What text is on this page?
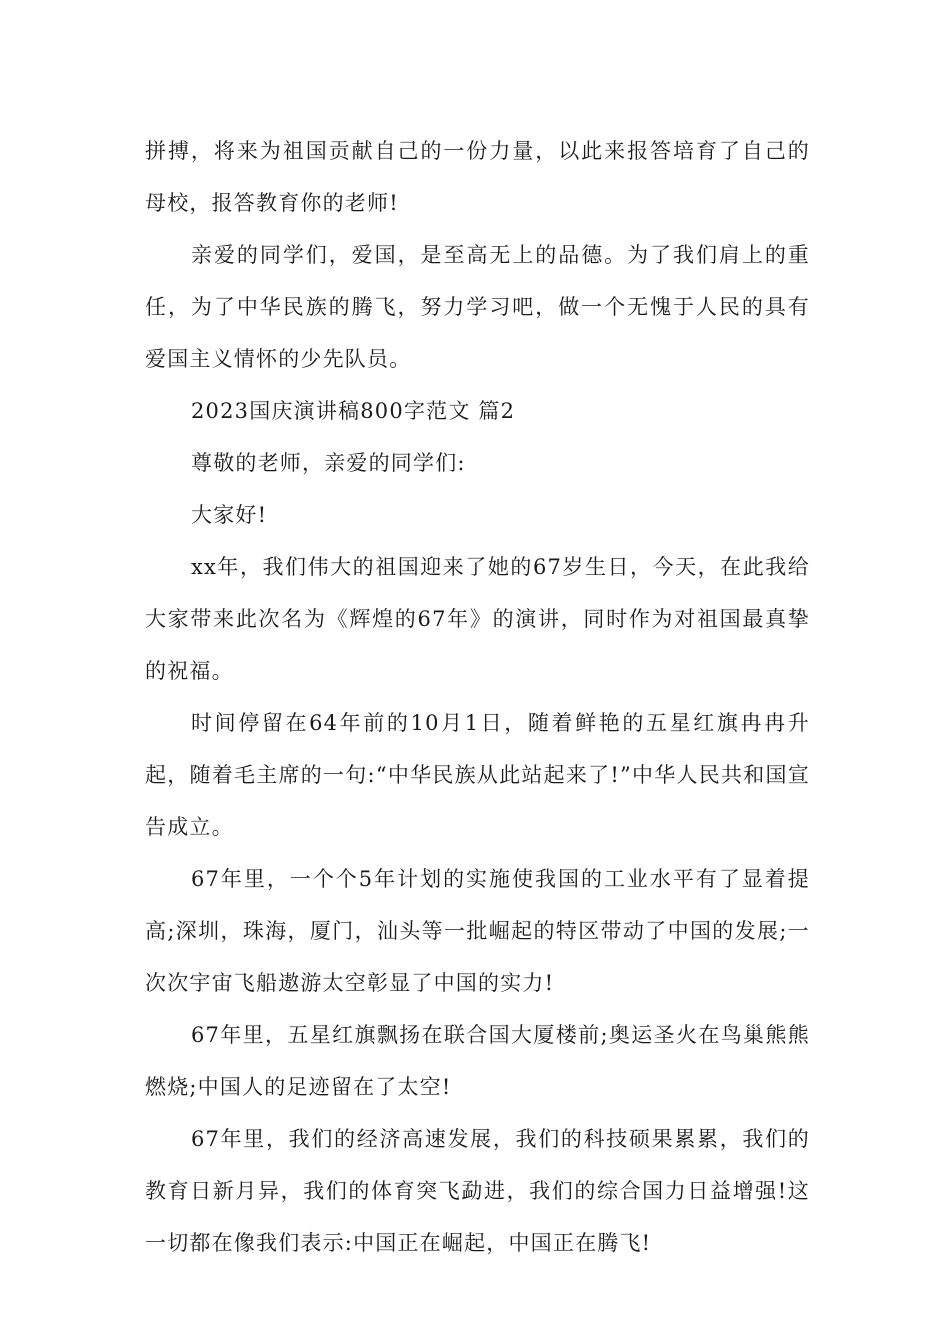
拼搏，将来为祖国贡献自己的一份力量，以此来报答培育了自己的母校，报答教育你的老师!

亲爱的同学们，爱国，是至高无上的品德。为了我们肩上的重任，为了中华民族的腾飞，努力学习吧，做一个无愧于人民的具有爱国主义情怀的少先队员。

2023国庆演讲稿800字范文 篇2

尊敬的老师，亲爱的同学们:

大家好!

xx年，我们伟大的祖国迎来了她的67岁生日，今天，在此我给大家带来此次名为《辉煌的67年》的演讲，同时作为对祖国最真挚的祝福。

时间停留在64年前的10月1日，随着鲜艳的五星红旗冉冉升起，随着毛主席的一句:“中华民族从此站起来了!”中华人民共和国宣告成立。

67年里，一个个5年计划的实施使我国的工业水平有了显着提高;深圳，珠海，厦门，汕头等一批崛起的特区带动了中国的发展;一次次宇宙飞船遨游太空彰显了中国的实力!

67年里，五星红旗飘扬在联合国大厦楼前;奥运圣火在鸟巢熊熊燃烧;中国人的足迹留在了太空!

67年里，我们的经济高速发展，我们的科技硕果累累，我们的教育日新月异，我们的体育突飞勐进，我们的综合国力日益增强!这一切都在像我们表示:中国正在崛起，中国正在腾飞!
